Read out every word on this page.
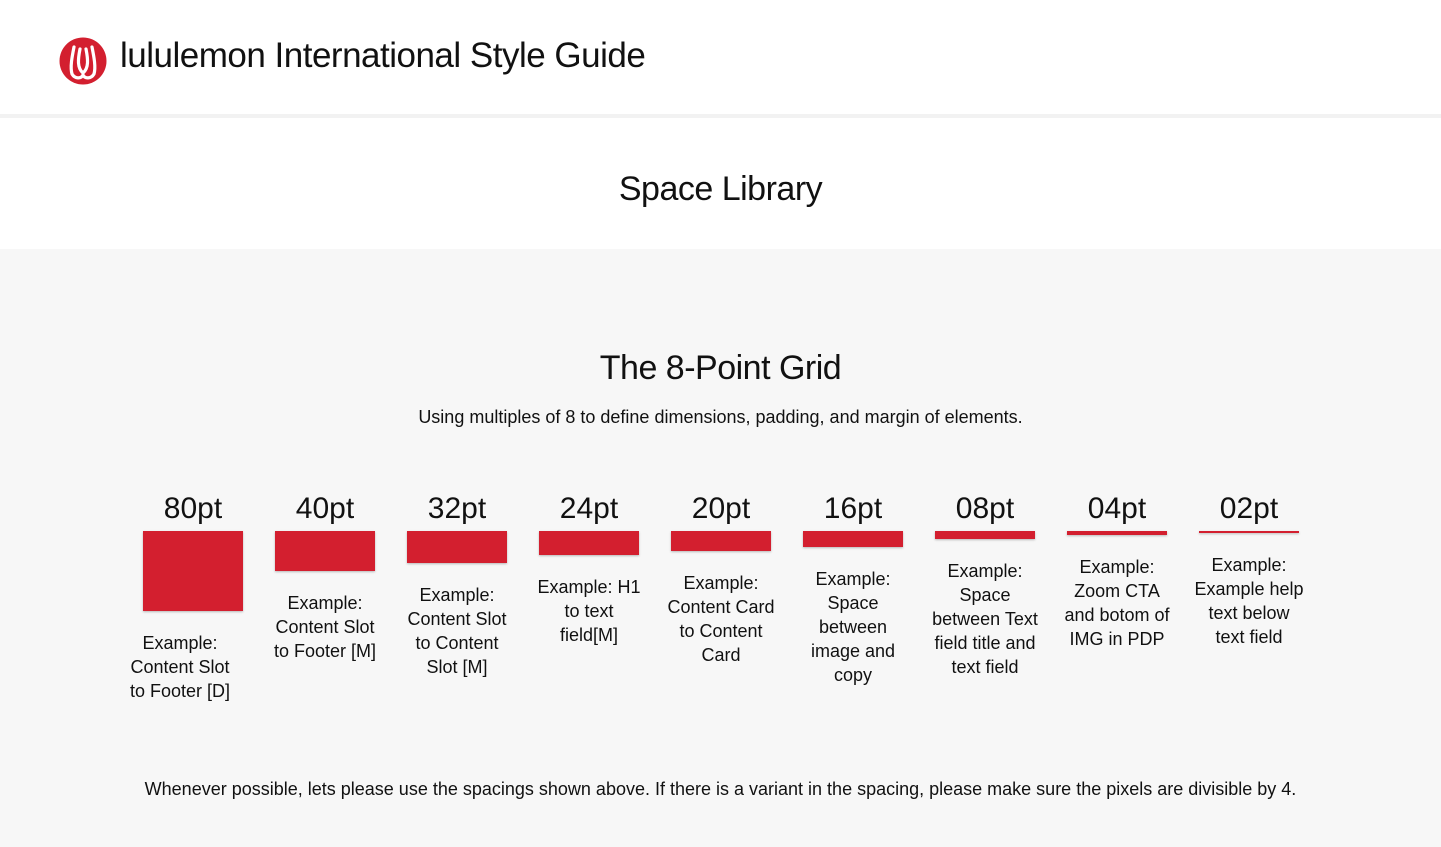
lululemon International Style Guide
Space Library
The 8-Point Grid
Using multiples of 8 to define dimensions, padding, and margin of elements.
80pt
Example: Content Slot to Footer [D]
40pt
Example: Content Slot to Footer [M]
32pt
Example: Content Slot to Content Slot [M]
24pt
Example: H1 to text field[M]
20pt
Example: Content Card to Content Card
16pt
Example: Space between image and copy
08pt
Example: Space between Text field title and text field
04pt
Example: Zoom CTA and botom of IMG in PDP
02pt
Example: Example help text below text field
Whenever possible, lets please use the spacings shown above. If there is a variant in the spacing, please make sure the pixels are divisible by 4.
